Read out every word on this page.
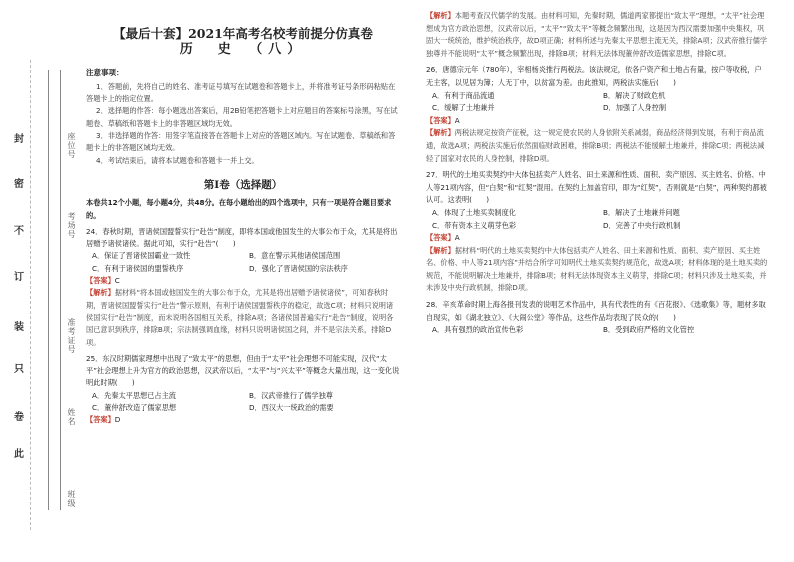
封
密
不
订
装
只
卷
此
座位号
考场号
准考证号
姓名
班级
【最后十套】2021年高考名校考前提分仿真卷
历　史　（八）
注意事项：
1．答题前，先将自己的姓名、准考证号填写在试题卷和答题卡上，并将准考证号条形码粘贴在答题卡上的指定位置。
2．选择题的作答：每小题选出答案后，用2B铅笔把答题卡上对应题目的答案标号涂黑，写在试题卷、草稿纸和答题卡上的非答题区域均无效。
3．非选择题的作答：用签字笔直接答在答题卡上对应的答题区域内。写在试题卷、草稿纸和答题卡上的非答题区域均无效。
4．考试结束后，请将本试题卷和答题卡一并上交。
第Ⅰ卷（选择题）
本卷共12个小题，每小题4分，共48分。在每小题给出的四个选项中，只有一项是符合题目要求的。
24．春秋时期，晋诸侯国盟誓实行“赴告”制度，即将本国或他国发生的大事公布于众，尤其是将出居赠予诸侯诸侯。据此可知，实行“赴告”(　　)
A．保证了晋诸侯国霸业一致性	B．意在警示其他诸侯国范围
C．有利于诸侯国的盟誓秩序	D．强化了晋诸侯国的宗法秩序
【答案】C
【解析】据材料“将本国或他国发生的大事公布于众，尤其是将出居赠予诸侯诸侯”，可知春秋时期，晋诸侯国盟誓实行“赴告”警示原则，有利于诸侯国盟誓秩序的稳定，故选C项；材料只说明诸侯国实行“赴告”制度，而未说明各国相互关系，排除A项；各诸侯国普遍实行“赴告”制度，说明各国已意识到秩序，排除B项；宗法制强调血缘，材料只说明诸侯国之间，并不是宗法关系，排除D项。
25．东汉时期儒家理想中出现了“致太平”的思想，但由于“太平”社会理想不可能实现，汉代“太平”社会理想上升为官方的政治思想，汉武帝以后，“太平”与“兴太平”等概念大量出现，这一变化说明此时期(　　)
A．先秦太平思想已占主流	B．汉武帝推行了儒学独尊
C．董仲舒改造了儒家思想	D．西汉大一统政治的需要
【答案】D
【解析】本题考查汉代儒学的发展。由材料可知，先秦时期，儒道两家都提出“致太平”理想，“太平”社会理想成为官方政治思想，汉武帝以后，“太平”“致太平”等概念频繁出现，这是因为西汉需要加强中央集权，巩固大一统统治，维护统治秩序，故D项正确；材料所述与先秦太平思想主流无关，排除A项；汉武帝推行儒学独尊并不能说明“太平”概念频繁出现，排除B项；材料无法体现董仲舒改造儒家思想，排除C项。
26．唐德宗元年（780年），宰相杨炎推行两税法。该法规定，依各户资产和土地占有量，按户等收税，户无主客，以见居为簿；人无丁中，以贫富为差。由此推知，两税法实施后(　　)
A．有利于商品流通	B．解决了财政危机
C．缓解了土地兼并	D．加强了人身控制
【答案】A
【解析】两税法规定按资产征税，这一规定使农民的人身依附关系减弱，商品经济得到发展，有利于商品流通，故选A项；两税法实施后依然面临财政困难，排除B项；两税法不能缓解土地兼并，排除C项；两税法减轻了国家对农民的人身控制，排除D项。
27．明代的土地买卖契约中大体包括卖产人姓名、田土来源和性质、面积、卖产原因、买主姓名、价格、中人等21项内容，但“白契”和“红契”混用。在契约上加盖官印，即为“红契”，否则就是“白契”，两种契约都被认可。这表明(　　)
A．体现了土地买卖制度化	B．解决了土地兼并问题
C．带有资本主义萌芽色彩	D．完善了中央行政机制
【答案】A
【解析】据材料“明代的土地买卖契约中大体包括卖产人姓名、田土来源和性质、面积、卖产原因、买主姓名、价格、中人等21项内容”并结合所学可知明代土地买卖契约规范化，故选A项；材料体现的是土地买卖的规范，不能说明解决土地兼并，排除B项；材料无法体现资本主义萌芽，排除C项；材料只涉及土地买卖，并未涉及中央行政机制，排除D项。
28．辛亥革命时期上海各报刊发表的说唱艺术作品中，具有代表性的有《百花报》、《选歌集》等，题材多取自现实，如《湖北独立》、《大闹公堂》等作品，这些作品均表现了民众的(　　)
A．具有强烈的政治宣传色彩	B．受到政府严格的文化管控
